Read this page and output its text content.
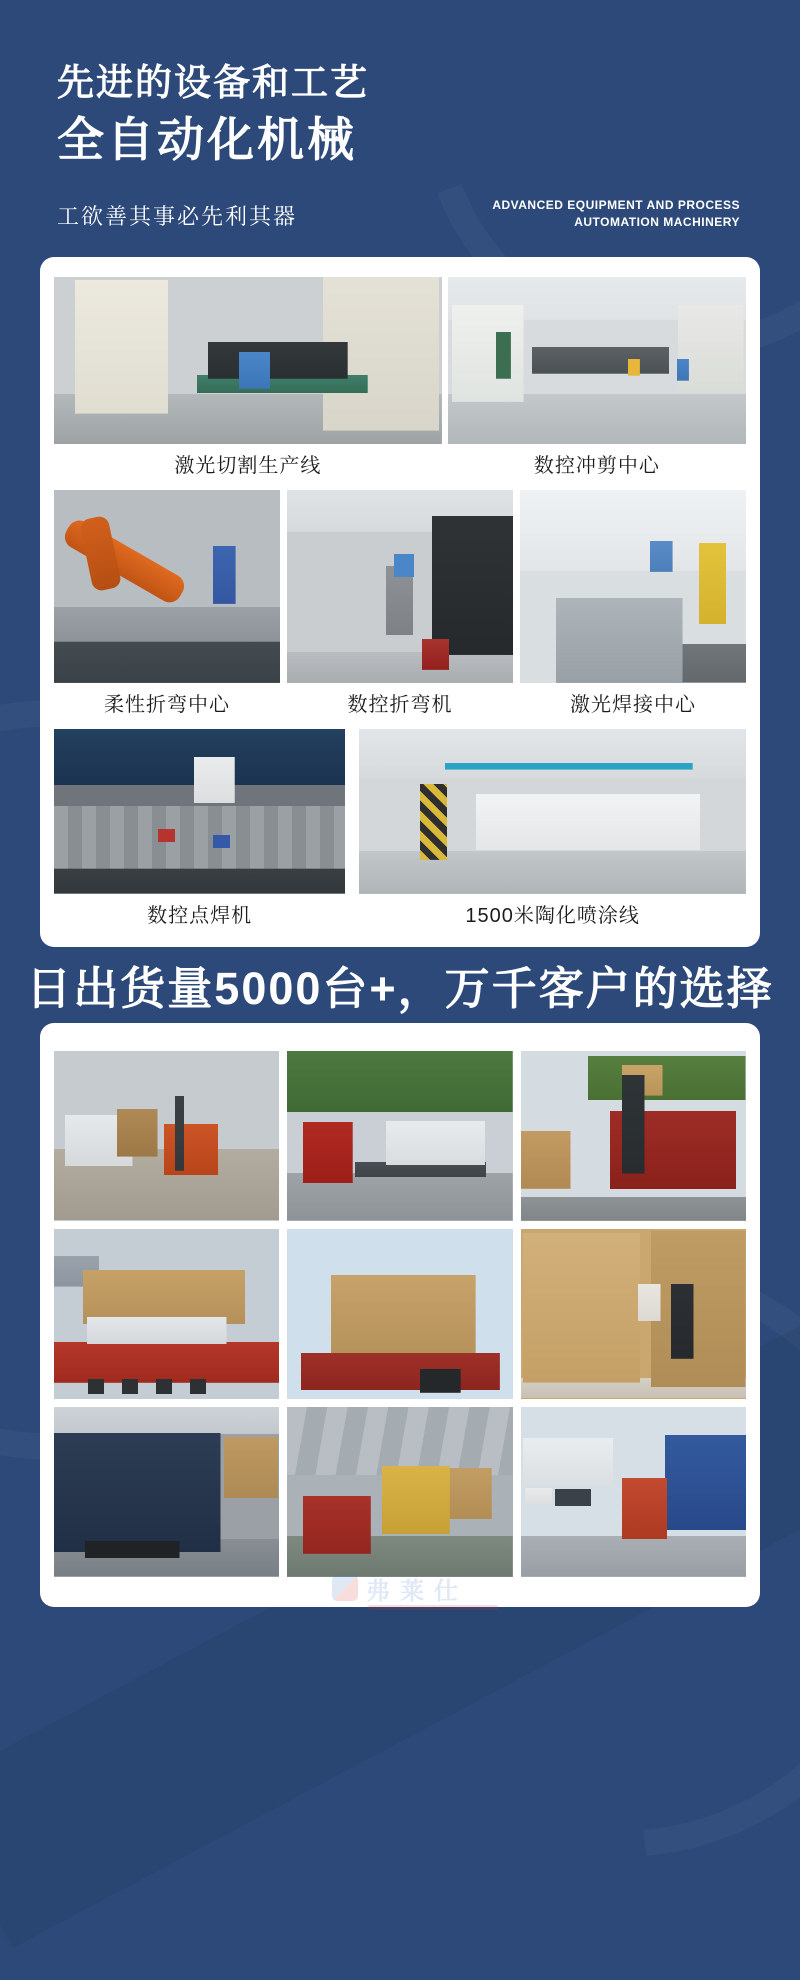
先进的设备和工艺
全自动化机械
工欲善其事必先利其器	ADVANCED EQUIPMENT AND PROCESS
AUTOMATION MACHINERY
激光切割生产线	数控冲剪中心
柔性折弯中心	数控折弯机	激光焊接中心
数控点焊机	1500米陶化喷涂线
日出货量5000台+，万千客户的选择
弗莱仕
